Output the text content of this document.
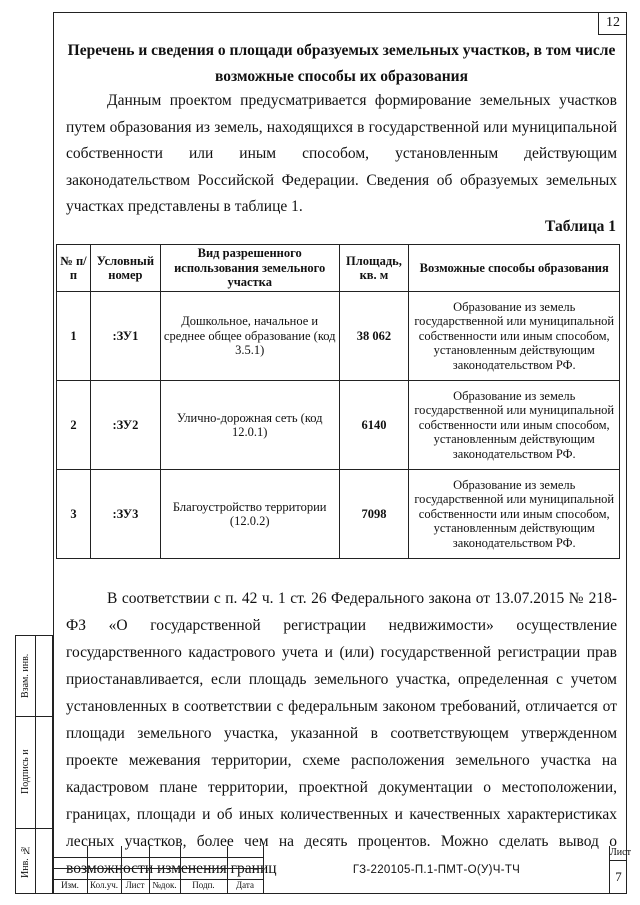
12
Перечень и сведения о площади образуемых земельных участков, в том числе возможные способы их образования

Данным проектом предусматривается формирование земельных участков путем образования из земель, находящихся в государственной или муниципальной собственности или иным способом, установленным действующим законодательством Российской Федерации. Сведения об образуемых земельных участках представлены в таблице 1.

Таблица 1
№ п/п	Условный номер	Вид разрешенного использования земельного участка	Площадь, кв. м	Возможные способы образования
1	:ЗУ1	Дошкольное, начальное и среднее общее образование (код 3.5.1)	38 062	Образование из земель государственной или муниципальной собственности или иным способом, установленным действующим законодательством РФ.
2	:ЗУ2	Улично-дорожная сеть (код 12.0.1)	6140	Образование из земель государственной или муниципальной собственности или иным способом, установленным действующим законодательством РФ.
3	:ЗУ3	Благоустройство территории (12.0.2)	7098	Образование из земель государственной или муниципальной собственности или иным способом, установленным действующим законодательством РФ.

В соответствии с п. 42 ч. 1 ст. 26 Федерального закона от 13.07.2015 № 218-ФЗ «О государственной регистрации недвижимости» осуществление государственного кадастрового учета и (или) государственной регистрации прав приостанавливается, если площадь земельного участка, определенная с учетом установленных в соответствии с федеральным законом требований, отличается от площади земельного участка, указанной в соответствующем утвержденном проекте межевания территории, схеме расположения земельного участка на кадастровом плане территории, проектной документации о местоположении, границах, площади и об иных количественных и качественных характеристиках лесных участков, более чем на десять процентов. Можно сделать вывод о возможности изменения границ

Взам. инв.
Подпись и
Инв. №
Изм.	Кол.уч. Лист №док.	Подп.	Дата
ГЗ-220105-П.1-ПМТ-О(У)Ч-ТЧ
Лист
7
